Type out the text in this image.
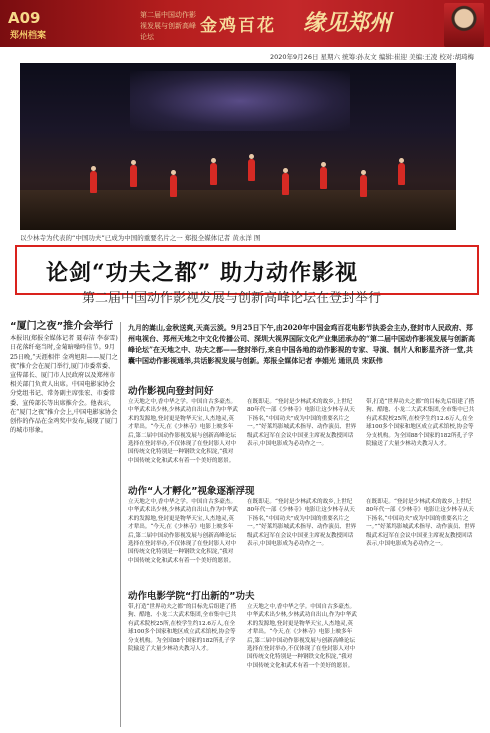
A09
郑州档案
第二届中国动作影视发展与创新高峰论坛
金鸡百花 缘见郑州
2020年9月26日 星期六 统筹:孙友文 编辑:崔迎 美编:王凌 校对:胡琦梅
以少林寺为代表的“中国功夫”已成为中国的重要名片之一 郑报全媒体记者 黄永洋 图
论剑“功夫之都” 助力动作影视
第二届中国动作影视发展与创新高峰论坛在登封举行
“厦门之夜”推介会举行

本报讯(郑报全媒体记者 聂春洁 李泰雪)日花落纤毫当时,金菊暗噪吟佳节。9月25日晚,“天涯相伴 金鸡旭阳——厦门之夜”推介会在厦门举行,厦门市委常委、宣传部长、厦门市人民政府以及郑州市相关部门负责人出席。中国电影家协会分党组书记、常务副主席张宏、市委常委、宣传部长等出席推介会。他表示,在“厦门之夜”推介会上,中国电影家协会创作的作品在金鸡奖中发布,展现了厦门的城市形象。

九月的嵩山,金秋送爽,天高云淡。9月25日下午,由2020年中国金鸡百花电影节执委会主办,登封市人民政府、郑州电视台、郑州天地之中文化传播公司、深圳大视界国际文化产业集团承办的“第二届中国动作影视发展与创新高峰论坛”在天地之中、功夫之都——登封举行,来自中国各地的动作影视的专家、导演、制片人和影星齐济一堂,共囊中国动作影视通举,共话影视发展与创新。郑报全媒体记者 李娟光 通讯员 宋跃伟
动作影视向登封问好

立天地之中,香中华之学。中国自古多豪杰。中华武术出少林,少林武功自出山,作为中华武术的发源地,登封更是物华天宝,人杰地灵,英才辈出。“今天,在《少林寺》电影上映多年后,第二届中国动作影视发展与创新高峰论坛选择在登封举办,不仅体现了在登封影人对中国传统文化特别是一种钢铁文化积淀,“我对中国传统文化和武术有着一个美好的愿景。

在既即走。“登封是少林武术的故乡,上世纪80年代一部《少林寺》电影让这少林寺从天下扬名,“中国功夫”成为中国的重要名片之一。”“好莱坞影城武术指导、动作演员、世界级武术冠军在会议中国亚主席祝友教授回话表示,中国电影成为必功作之一。

带,打造“世界功夫之都”的目标先后组建了搭狗、酷地、小龙二大武术集团,全市集中已共有武术院校25所,在校学生约12.6万人,在全球100多个国家和地区成立武术馆校,协会等分支机构。为全国88个国家的182所孔子学院输送了大量少林功夫教习人才。

动作“人才孵化”视象逐渐浮现

立天地之中,香中华之学。中国自古多豪杰。中华武术出少林,少林武功自出山,作为中华武术的发源地,登封更是物华天宝,人杰地灵,英才辈出。“今天,在《少林寺》电影上映多年后,第二届中国动作影视发展与创新高峰论坛选择在登封举办,不仅体现了在登封影人对中国传统文化特别是一种钢铁文化积淀,“我对中国传统文化和武术有着一个美好的愿景。

在既即走。“登封是少林武术的故乡,上世纪80年代一部《少林寺》电影让这少林寺从天下扬名,“中国功夫”成为中国的重要名片之一。”“好莱坞影城武术指导、动作演员、世界级武术冠军在会议中国亚主席祝友教授回话表示,中国电影成为必功作之一。

动作电影学院“打出新的”功夫

带,打造“世界功夫之都”的目标先后组建了搭狗、酷地、小龙二大武术集团,全市集中已共有武术院校25所,在校学生约12.6万人,在全球100多个国家和地区成立武术馆校,协会等分支机构。为全国88个国家的182所孔子学院输送了大量少林功夫教习人才。

立天地之中,香中华之学。中国自古多豪杰。中华武术出少林,少林武功自出山,作为中华武术的发源地,登封更是物华天宝,人杰地灵,英才辈出。“今天,在《少林寺》电影上映多年后,第二届中国动作影视发展与创新高峰论坛选择在登封举办,不仅体现了在登封影人对中国传统文化特别是一种钢铁文化积淀,“我对中国传统文化和武术有着一个美好的愿景。

在既即走。“登封是少林武术的故乡,上世纪80年代一部《少林寺》电影让这少林寺从天下扬名,“中国功夫”成为中国的重要名片之一。”“好莱坞影城武术指导、动作演员、世界级武术冠军在会议中国亚主席祝友教授回话表示,中国电影成为必功作之一。
